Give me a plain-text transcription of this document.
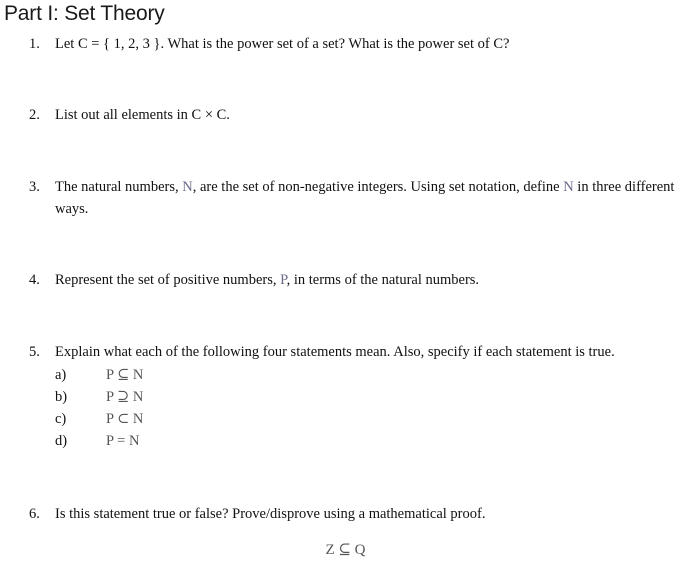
Part I: Set Theory
1. Let C = { 1, 2, 3 }. What is the power set of a set? What is the power set of C?
2. List out all elements in C × C.
3. The natural numbers, N, are the set of non-negative integers. Using set notation, define N in three different ways.
4. Represent the set of positive numbers, P, in terms of the natural numbers.
5. Explain what each of the following four statements mean. Also, specify if each statement is true.
a)	P ⊆ N
b)	P ⊇ N
c)	P ⊂ N
d)	P = N
6. Is this statement true or false? Prove/disprove using a mathematical proof.
Z ⊆ Q
